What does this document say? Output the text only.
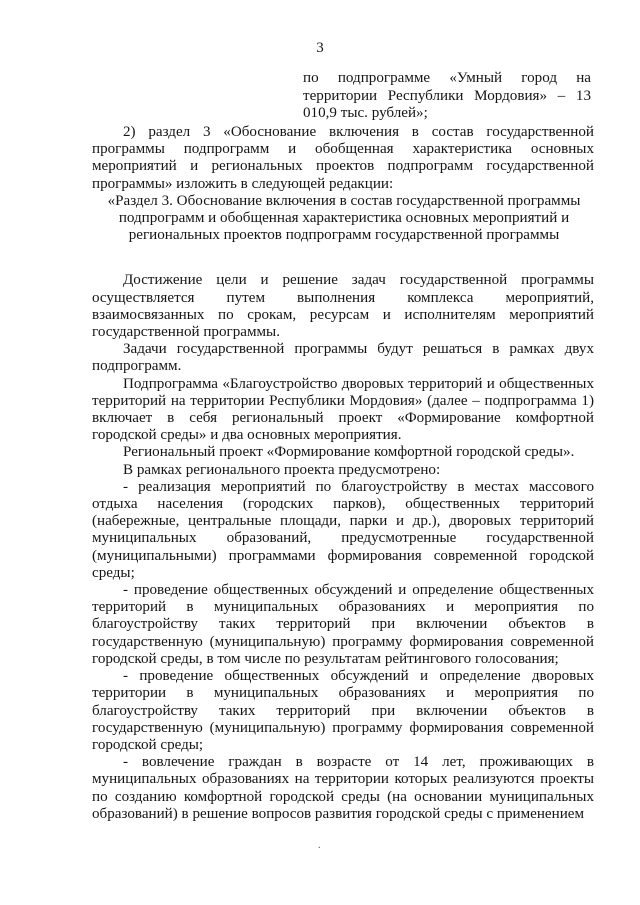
3
по подпрограмме «Умный город на территории Республики Мордовия» – 13 010,9 тыс. рублей»;

2) раздел 3 «Обоснование включения в состав государственной программы подпрограмм и обобщенная характеристика основных мероприятий и региональных проектов подпрограмм государственной программы» изложить в следующей редакции:

«Раздел 3. Обоснование включения в состав государственной программы подпрограмм и обобщенная характеристика основных мероприятий и региональных проектов подпрограмм государственной программы

Достижение цели и решение задач государственной программы осуществляется путем выполнения комплекса мероприятий, взаимосвязанных по срокам, ресурсам и исполнителям мероприятий государственной программы.

Задачи государственной программы будут решаться в рамках двух подпрограмм.

Подпрограмма «Благоустройство дворовых территорий и общественных территорий на территории Республики Мордовия» (далее – подпрограмма 1) включает в себя региональный проект «Формирование комфортной городской среды» и два основных мероприятия.

Региональный проект «Формирование комфортной городской среды».

В рамках регионального проекта предусмотрено:

- реализация мероприятий по благоустройству в местах массового отдыха населения (городских парков), общественных территорий (набережные, центральные площади, парки и др.), дворовых территорий муниципальных образований, предусмотренные государственной (муниципальными) программами формирования современной городской среды;

- проведение общественных обсуждений и определение общественных территорий в муниципальных образованиях и мероприятия по благоустройству таких территорий при включении объектов в государственную (муниципальную) программу формирования современной городской среды, в том числе по результатам рейтингового голосования;

- проведение общественных обсуждений и определение дворовых территории в муниципальных образованиях и мероприятия по благоустройству таких территорий при включении объектов в государственную (муниципальную) программу формирования современной городской среды;

- вовлечение граждан в возрасте от 14 лет, проживающих в муниципальных образованиях на территории которых реализуются проекты по созданию комфортной городской среды (на основании муниципальных образований) в решение вопросов развития городской среды с применением

.
